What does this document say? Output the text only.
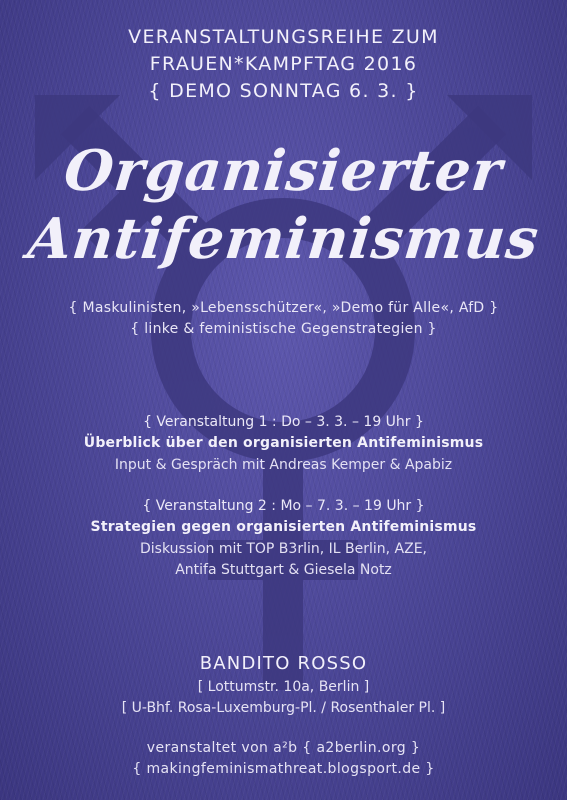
VERANSTALTUNGSREIHE ZUM
FRAUEN*KAMPFTAG 2016
{ DEMO SONNTAG 6. 3. }
Organisierter
Antifeminismus
{ Maskulinisten, »Lebensschützer«, »Demo für Alle«, AfD }
{ linke & feministische Gegenstrategien }
{ Veranstaltung 1 : Do – 3. 3. – 19 Uhr }
Überblick über den organisierten Antifeminismus
Input & Gespräch mit Andreas Kemper & Apabiz
{ Veranstaltung 2 : Mo – 7. 3. – 19 Uhr }
Strategien gegen organisierten Antifeminismus
Diskussion mit TOP B3rlin, IL Berlin, AZE,
Antifa Stuttgart & Giesela Notz
BANDITO ROSSO
[ Lottumstr. 10a, Berlin ]
[ U-Bhf. Rosa-Luxemburg-Pl. / Rosenthaler Pl. ]
veranstaltet von a²b { a2berlin.org }
{ makingfeminismathreat.blogsport.de }
